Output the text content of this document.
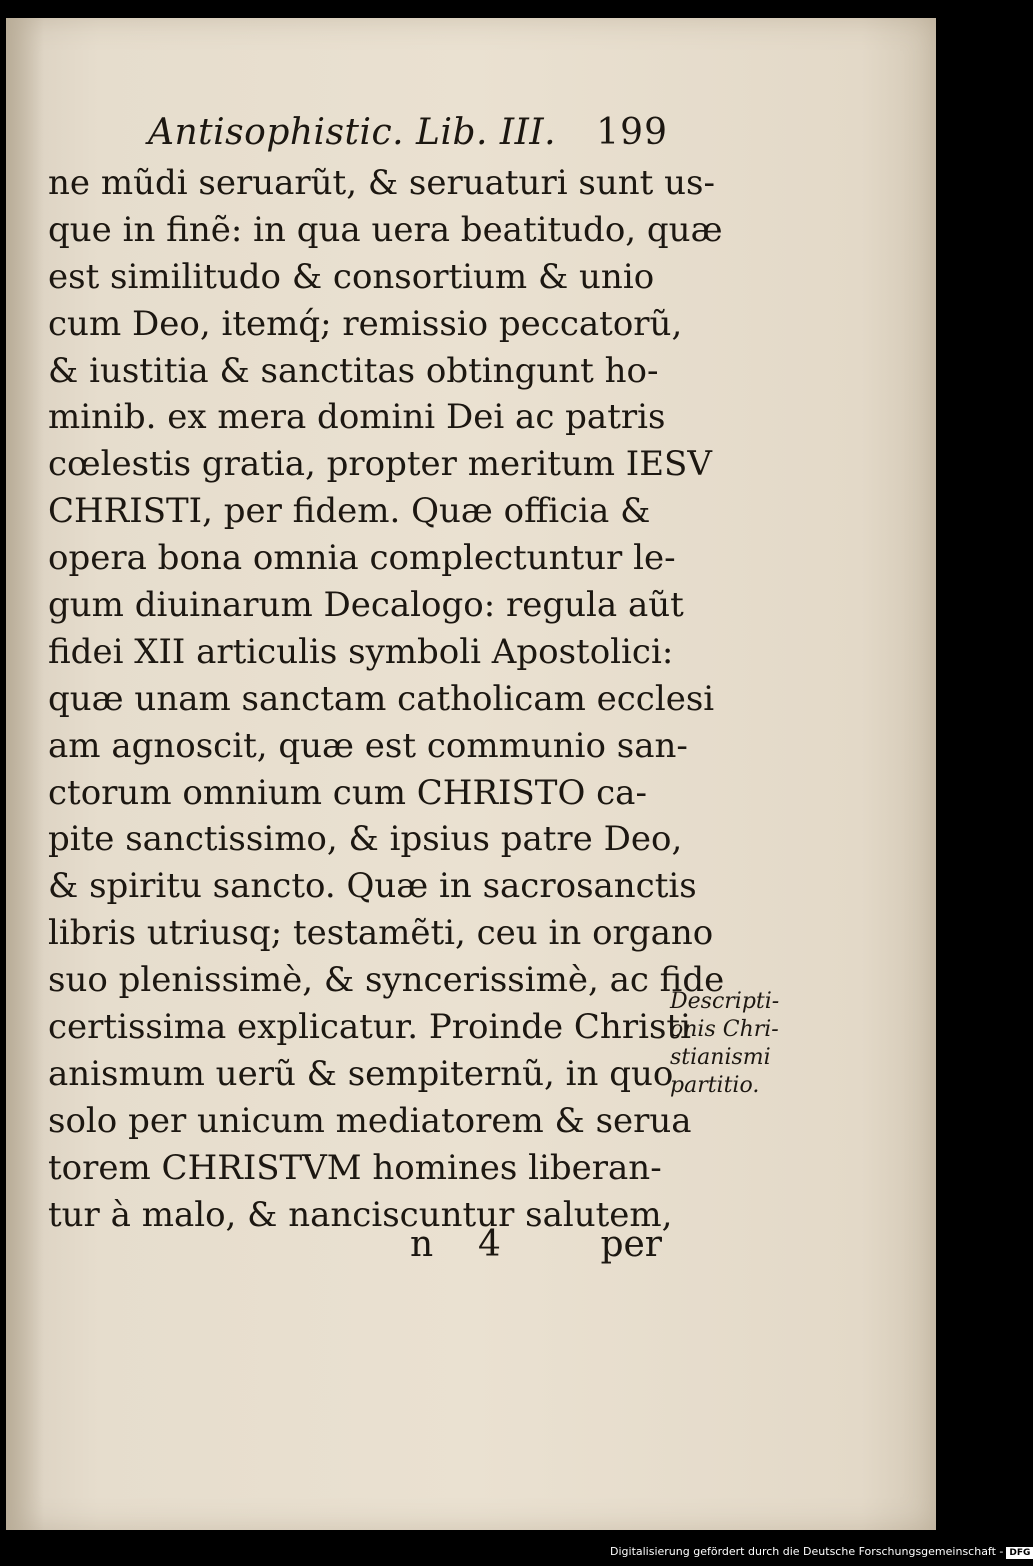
Antisophistic. Lib. III. 199
ne mũdi seruarũt, & seruaturi sunt us-
que in finẽ: in qua uera beatitudo, quæ
est similitudo & consortium & unio
cum Deo, itemq́; remissio peccatorũ,
& iustitia & sanctitas obtingunt ho-
minib. ex mera domini Dei ac patris
cœlestis gratia, propter meritum IESV
CHRISTI, per fidem. Quæ officia &
opera bona omnia complectuntur le-
gum diuinarum Decalogo: regula aũt
fidei XII articulis symboli Apostolici:
quæ unam sanctam catholicam ecclesi
am agnoscit, quæ est communio san-
ctorum omnium cum CHRISTO ca-
pite sanctissimo, & ipsius patre Deo,
& spiritu sancto. Quæ in sacrosanctis
libris utriusq; testamẽti, ceu in organo
suo plenissimè, & syncerissimè, ac fide
certissima explicatur. Proinde Christi
anismum uerũ & sempiternũ, in quo
solo per unicum mediatorem & serua
torem CHRISTVM homines liberan-
tur à malo, & nanciscuntur salutem,
Descripti-
onis Chri-
stianismi
partitio.
n 4	per
Digitalisierung gefördert durch die Deutsche Forschungsgemeinschaft - DFG
